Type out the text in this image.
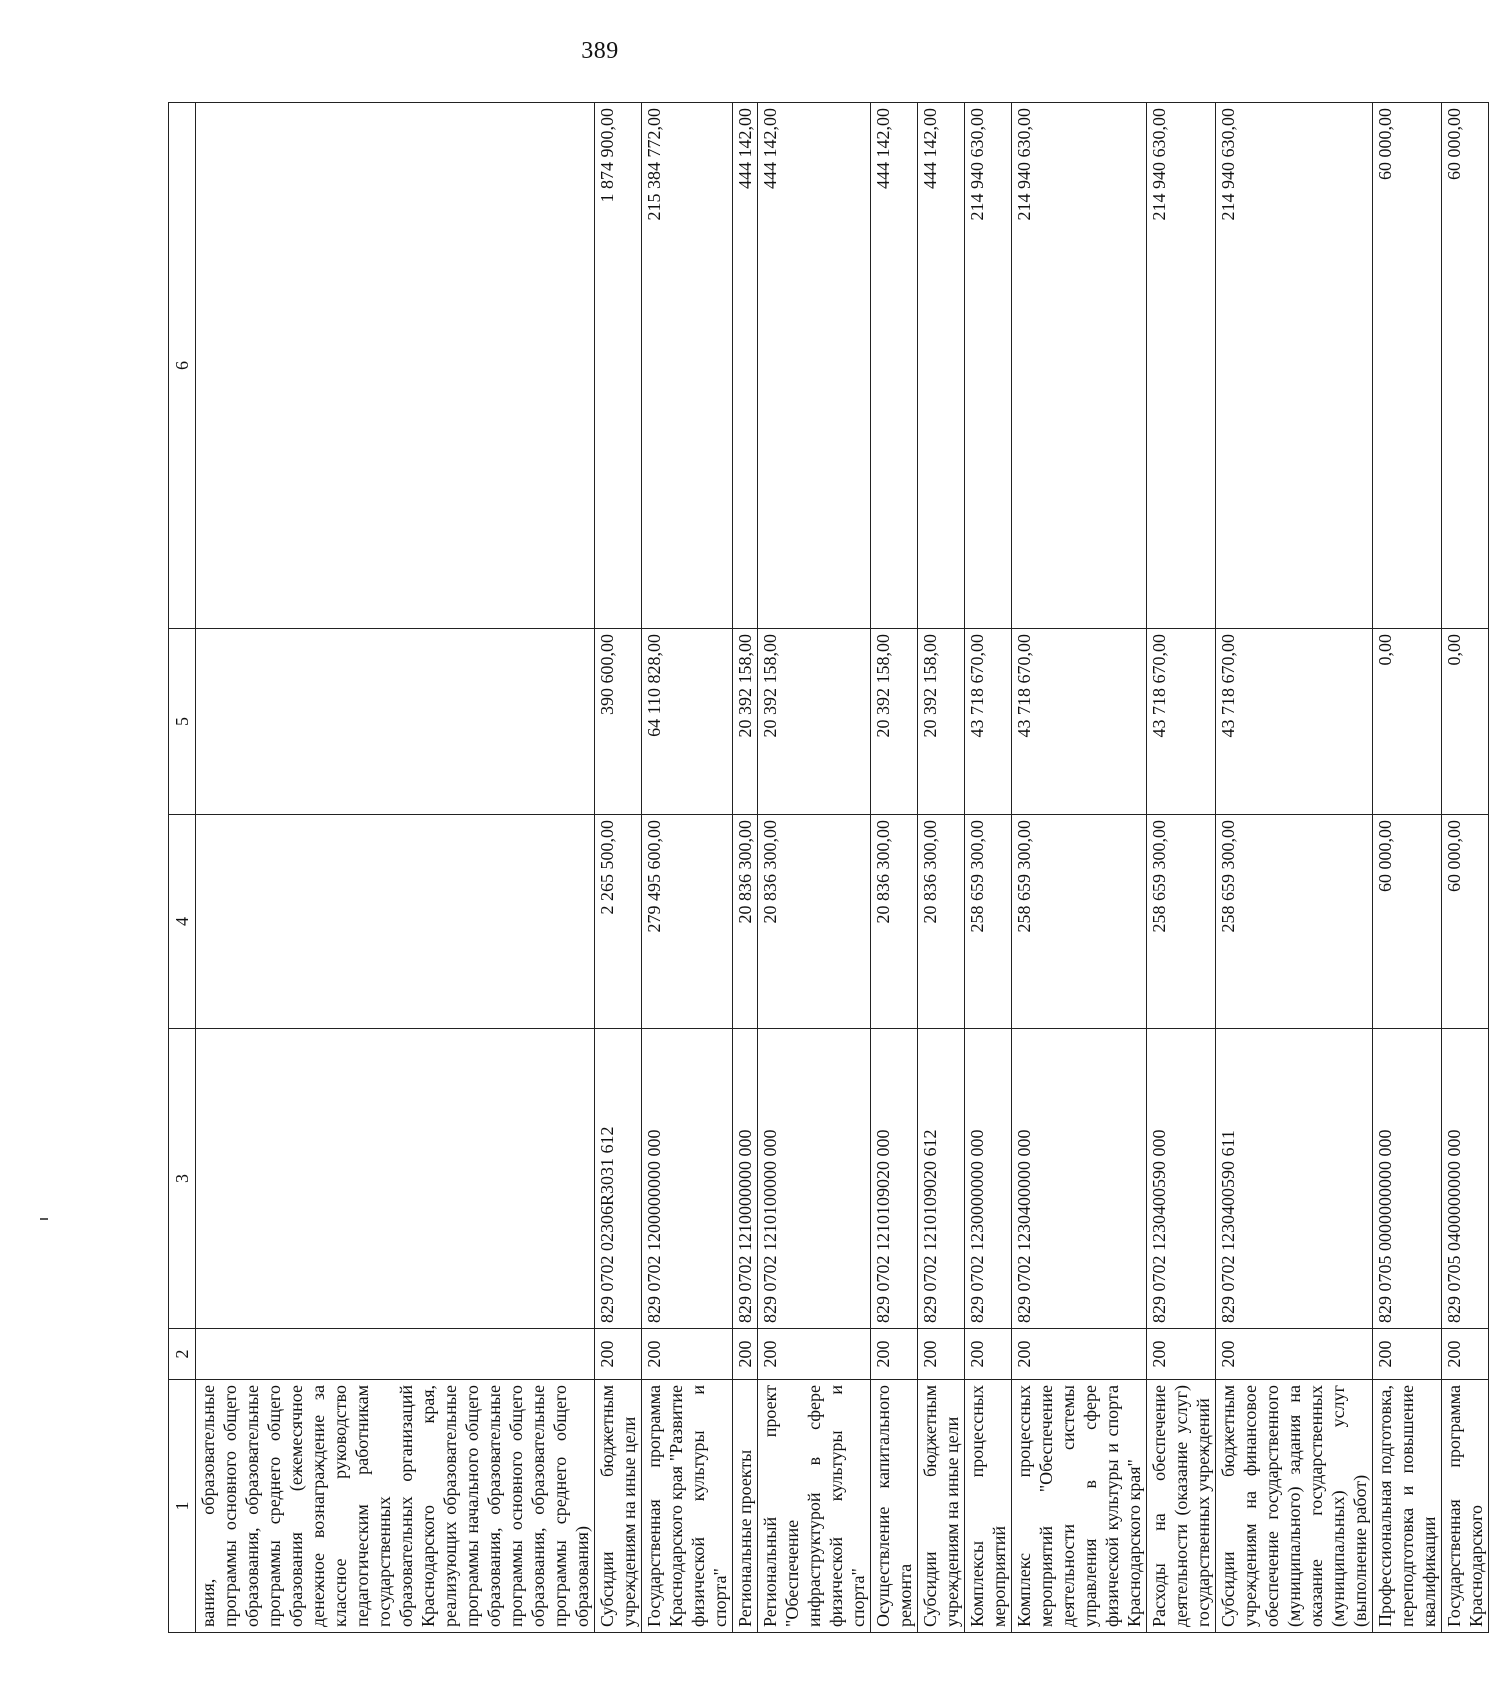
389
1	2	3	4	5	6
вания, образовательные программы основного общего образования, образовательные программы среднего общего образования (ежемесячное денежное вознаграждение за классное руководство педагогическим работникам государственных образовательных организаций Краснодарского края, реализующих образовательные программы начального общего образования, образовательные программы основного общего образования, образовательные программы среднего общего образования)					
Субсидии бюджетным учреждениям на иные цели	200	829 0702 02306R3031 612	2 265 500,00	390 600,00	1 874 900,00
Государственная программа Краснодарского края "Развитие физической культуры и спорта"	200	829 0702 1200000000 000	279 495 600,00	64 110 828,00	215 384 772,00
Региональные проекты	200	829 0702 1210000000 000	20 836 300,00	20 392 158,00	444 142,00
Региональный проект "Обеспечение инфраструктурой в сфере физической культуры и спорта"	200	829 0702 1210100000 000	20 836 300,00	20 392 158,00	444 142,00
Осуществление капитального ремонта	200	829 0702 1210109020 000	20 836 300,00	20 392 158,00	444 142,00
Субсидии бюджетным учреждениям на иные цели	200	829 0702 1210109020 612	20 836 300,00	20 392 158,00	444 142,00
Комплексы процессных мероприятий	200	829 0702 1230000000 000	258 659 300,00	43 718 670,00	214 940 630,00
Комплекс процессных мероприятий "Обеспечение деятельности системы управления в сфере физической культуры и спорта Краснодарского края"	200	829 0702 1230400000 000	258 659 300,00	43 718 670,00	214 940 630,00
Расходы на обеспечение деятельности (оказание услуг) государственных учреждений	200	829 0702 1230400590 000	258 659 300,00	43 718 670,00	214 940 630,00
Субсидии бюджетным учреждениям на финансовое обеспечение государственного (муниципального) задания на оказание государственных (муниципальных) услуг (выполнение работ)	200	829 0702 1230400590 611	258 659 300,00	43 718 670,00	214 940 630,00
Профессиональная подготовка, переподготовка и повышение квалификации	200	829 0705 0000000000 000	60 000,00	0,00	60 000,00
Государственная программа Краснодарского	200	829 0705 0400000000 000	60 000,00	0,00	60 000,00
